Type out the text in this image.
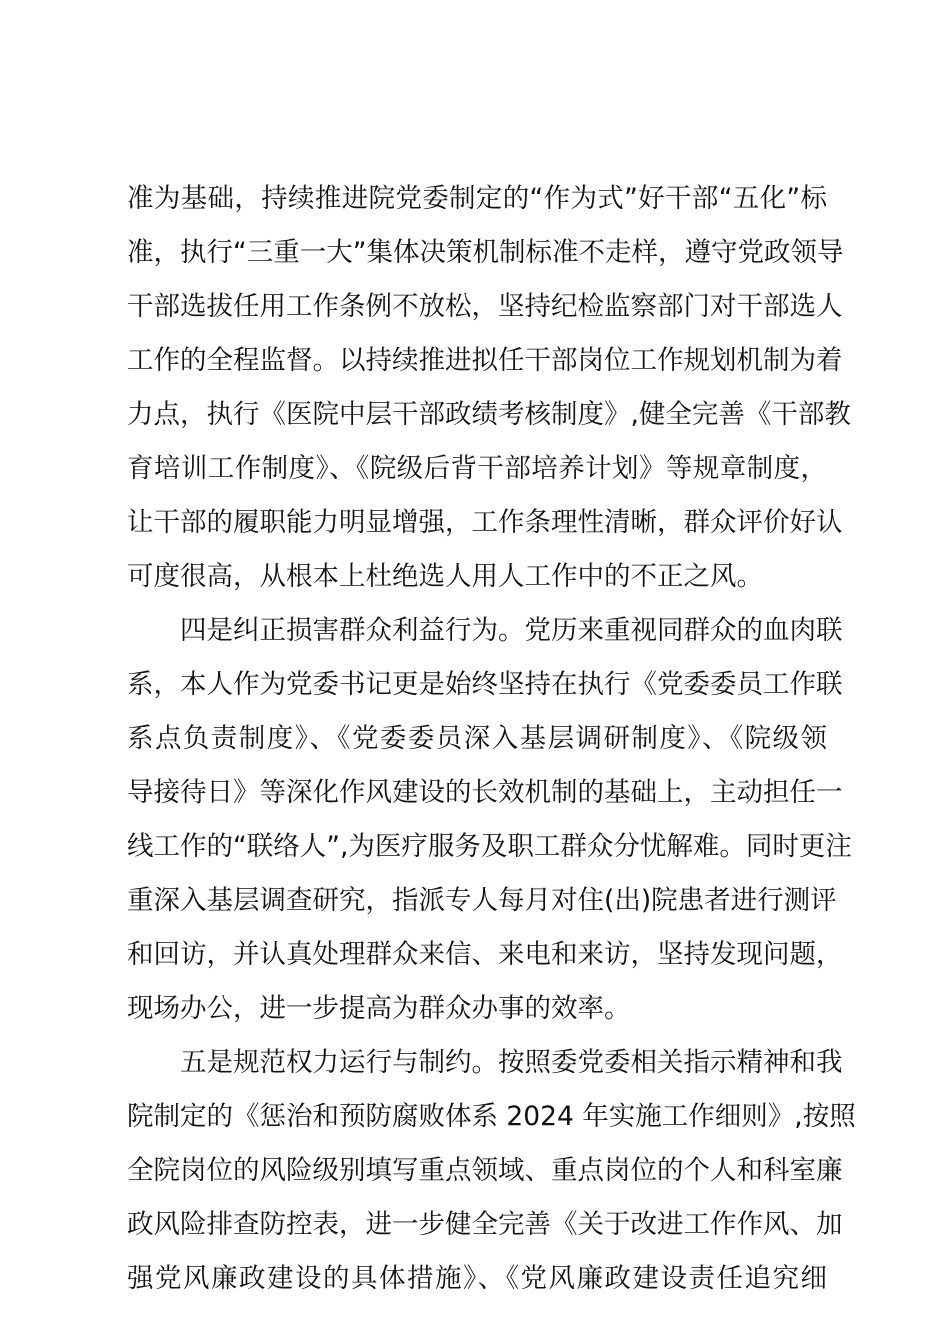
准为基础，持续推进院党委制定的“作为式”好干部“五化”标
准，执行“三重一大”集体决策机制标准不走样，遵守党政领导
干部选拔任用工作条例不放松，坚持纪检监察部门对干部选人
工作的全程监督。以持续推进拟任干部岗位工作规划机制为着
力点，执行《医院中层干部政绩考核制度》,健全完善《干部教
育培训工作制度》、《院级后背干部培养计划》等规章制度，
让干部的履职能力明显增强，工作条理性清晰，群众评价好认
可度很高，从根本上杜绝选人用人工作中的不正之风。
四是纠正损害群众利益行为。党历来重视同群众的血肉联
系，本人作为党委书记更是始终坚持在执行《党委委员工作联
系点负责制度》、《党委委员深入基层调研制度》、《院级领
导接待日》等深化作风建设的长效机制的基础上，主动担任一
线工作的“联络人”,为医疗服务及职工群众分忧解难。同时更注
重深入基层调查研究，指派专人每月对住(出)院患者进行测评
和回访，并认真处理群众来信、来电和来访，坚持发现问题，
现场办公，进一步提高为群众办事的效率。
五是规范权力运行与制约。按照委党委相关指示精神和我
院制定的《惩治和预防腐败体系 2024 年实施工作细则》,按照
全院岗位的风险级别填写重点领域、重点岗位的个人和科室廉
政风险排查防控表，进一步健全完善《关于改进工作作风、加
强党风廉政建设的具体措施》、《党风廉政建设责任追究细
